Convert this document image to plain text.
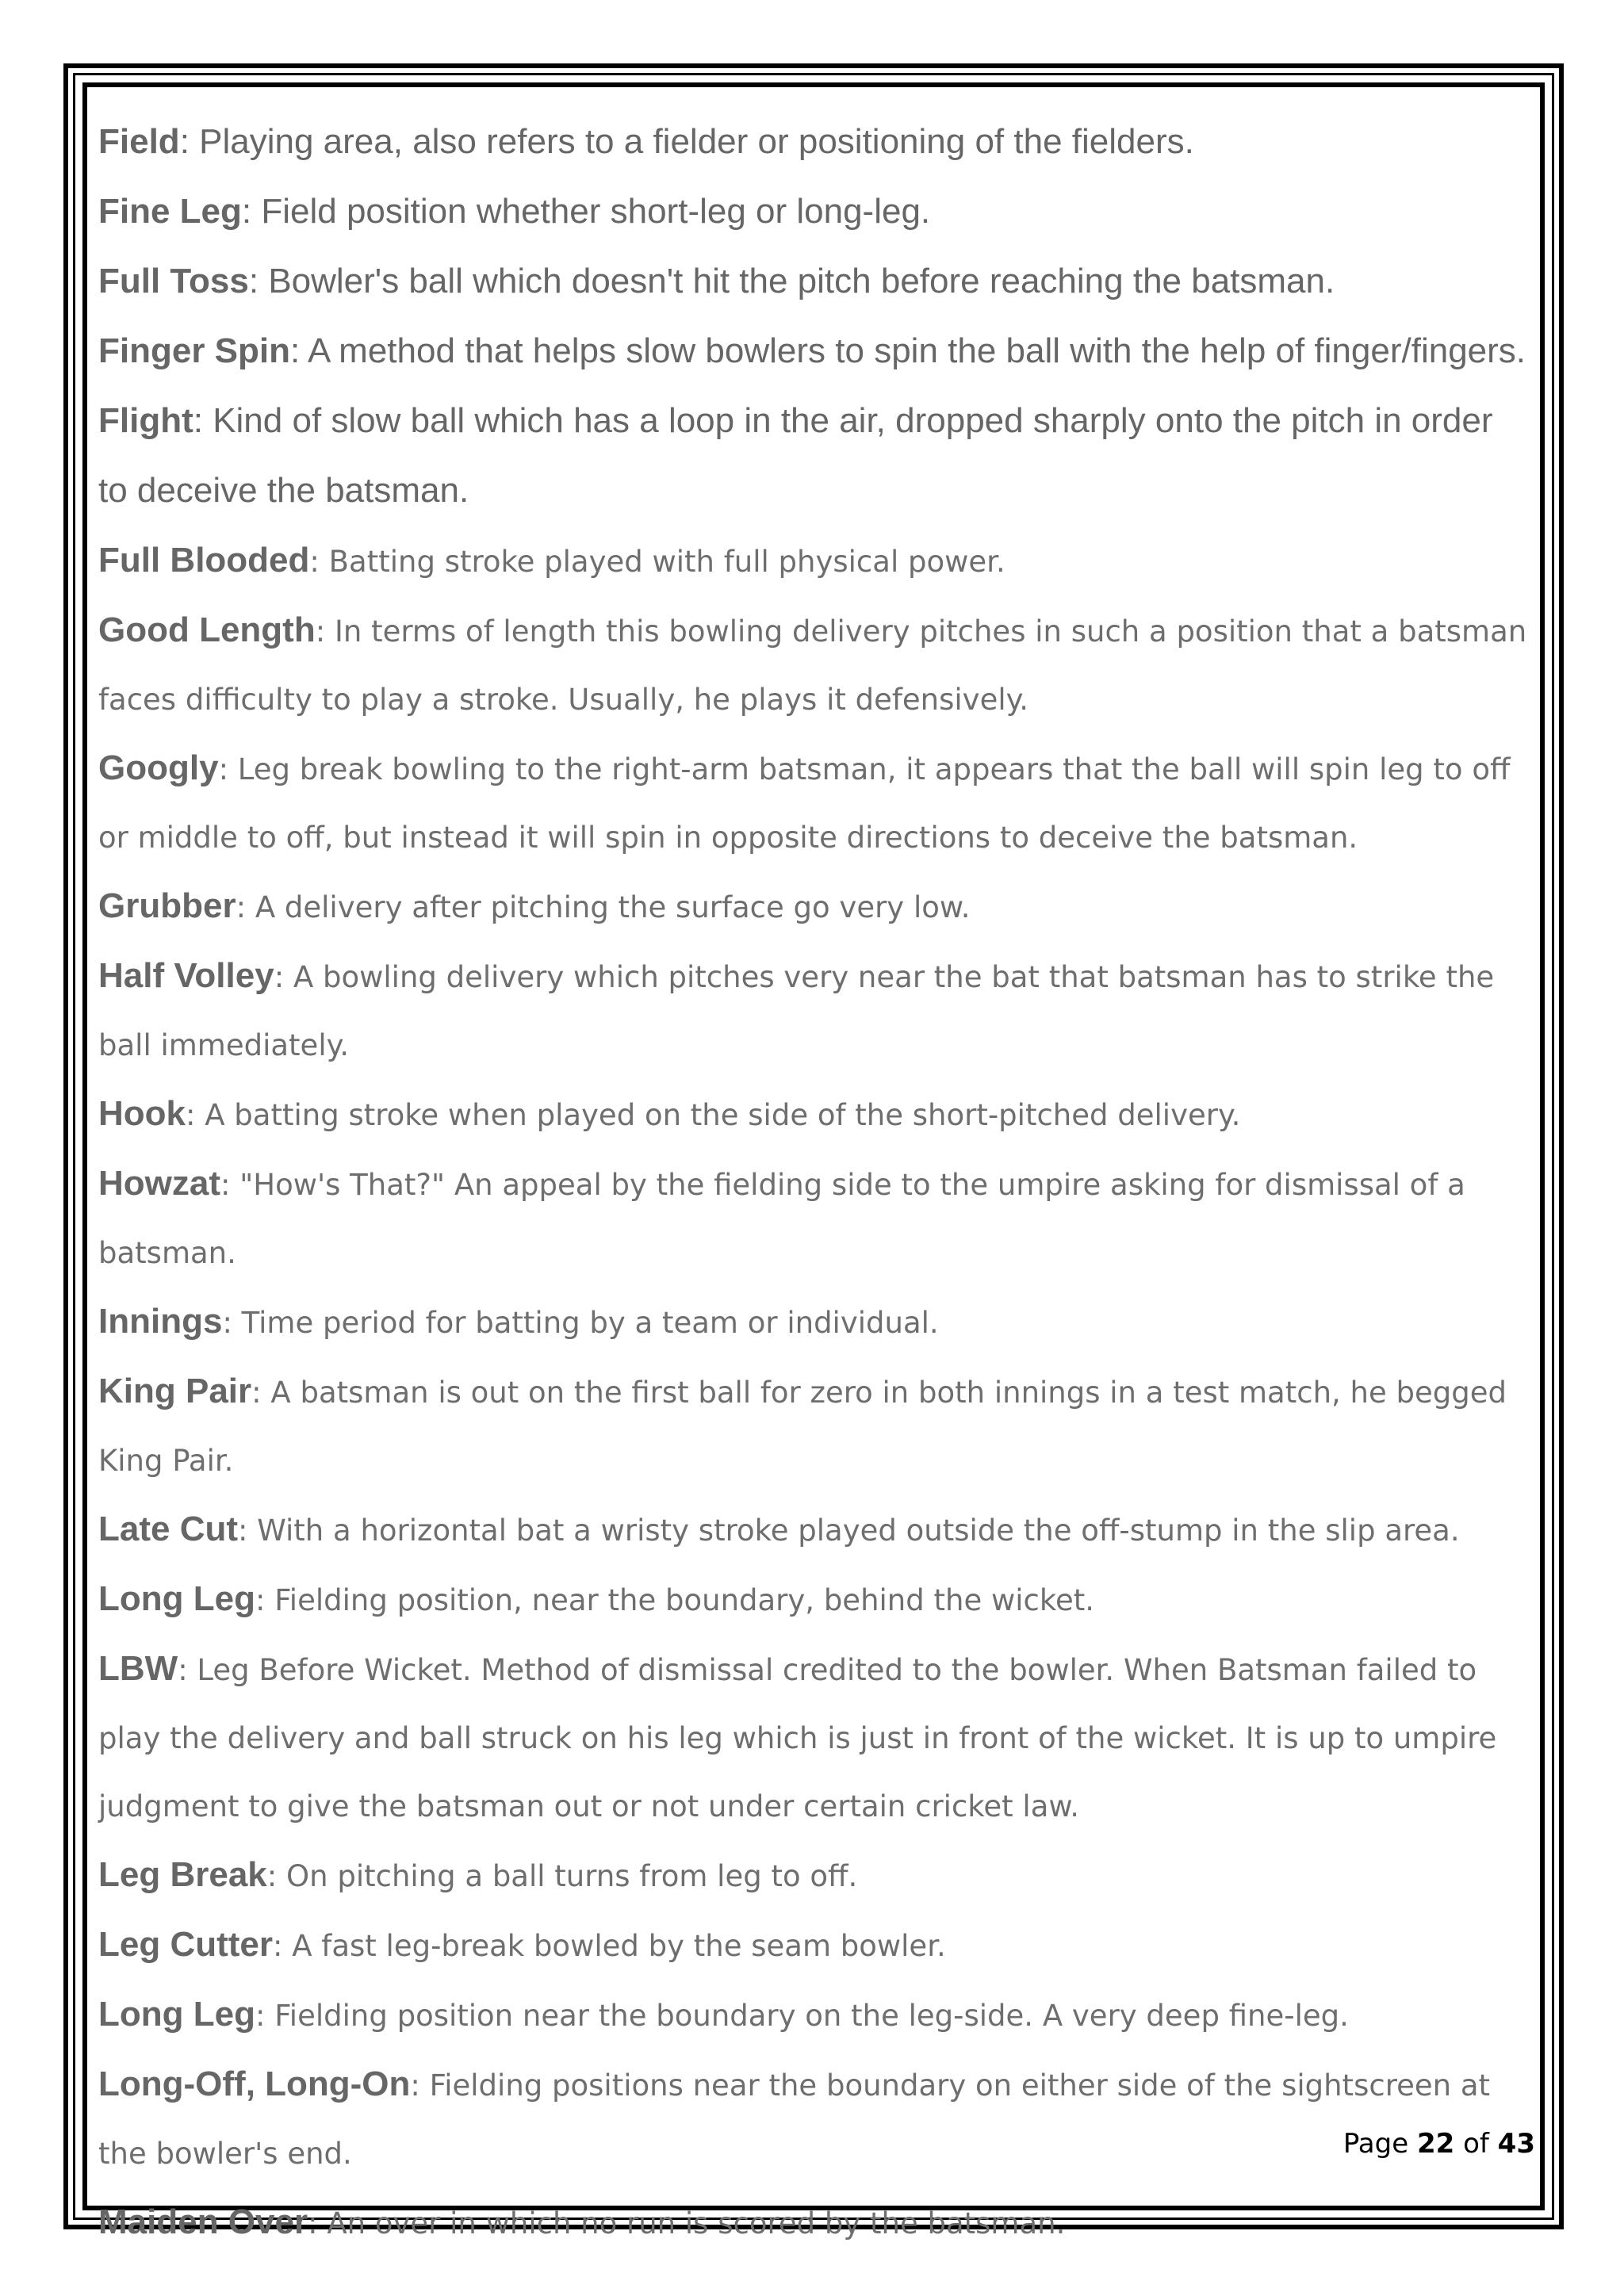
Field: Playing area, also refers to a fielder or positioning of the fielders.

Fine Leg: Field position whether short-leg or long-leg.

Full Toss: Bowler's ball which doesn't hit the pitch before reaching the batsman.

Finger Spin: A method that helps slow bowlers to spin the ball with the help of finger/fingers.

Flight: Kind of slow ball which has a loop in the air, dropped sharply onto the pitch in order to deceive the batsman.

Full Blooded: Batting stroke played with full physical power.

Good Length: In terms of length this bowling delivery pitches in such a position that a batsman faces difficulty to play a stroke. Usually, he plays it defensively.

Googly: Leg break bowling to the right-arm batsman, it appears that the ball will spin leg to off or middle to off, but instead it will spin in opposite directions to deceive the batsman.

Grubber: A delivery after pitching the surface go very low.

Half Volley: A bowling delivery which pitches very near the bat that batsman has to strike the ball immediately.

Hook: A batting stroke when played on the side of the short-pitched delivery.

Howzat: "How's That?" An appeal by the fielding side to the umpire asking for dismissal of a batsman.

Innings: Time period for batting by a team or individual.

King Pair: A batsman is out on the first ball for zero in both innings in a test match, he begged King Pair.

Late Cut: With a horizontal bat a wristy stroke played outside the off-stump in the slip area.

Long Leg: Fielding position, near the boundary, behind the wicket.

LBW: Leg Before Wicket. Method of dismissal credited to the bowler. When Batsman failed to play the delivery and ball struck on his leg which is just in front of the wicket. It is up to umpire judgment to give the batsman out or not under certain cricket law.

Leg Break: On pitching a ball turns from leg to off.

Leg Cutter: A fast leg-break bowled by the seam bowler.

Long Leg: Fielding position near the boundary on the leg-side. A very deep fine-leg.

Long-Off, Long-On: Fielding positions near the boundary on either side of the sightscreen at the bowler's end.

Maiden Over: An over in which no run is scored by the batsman.

Page 22 of 43
